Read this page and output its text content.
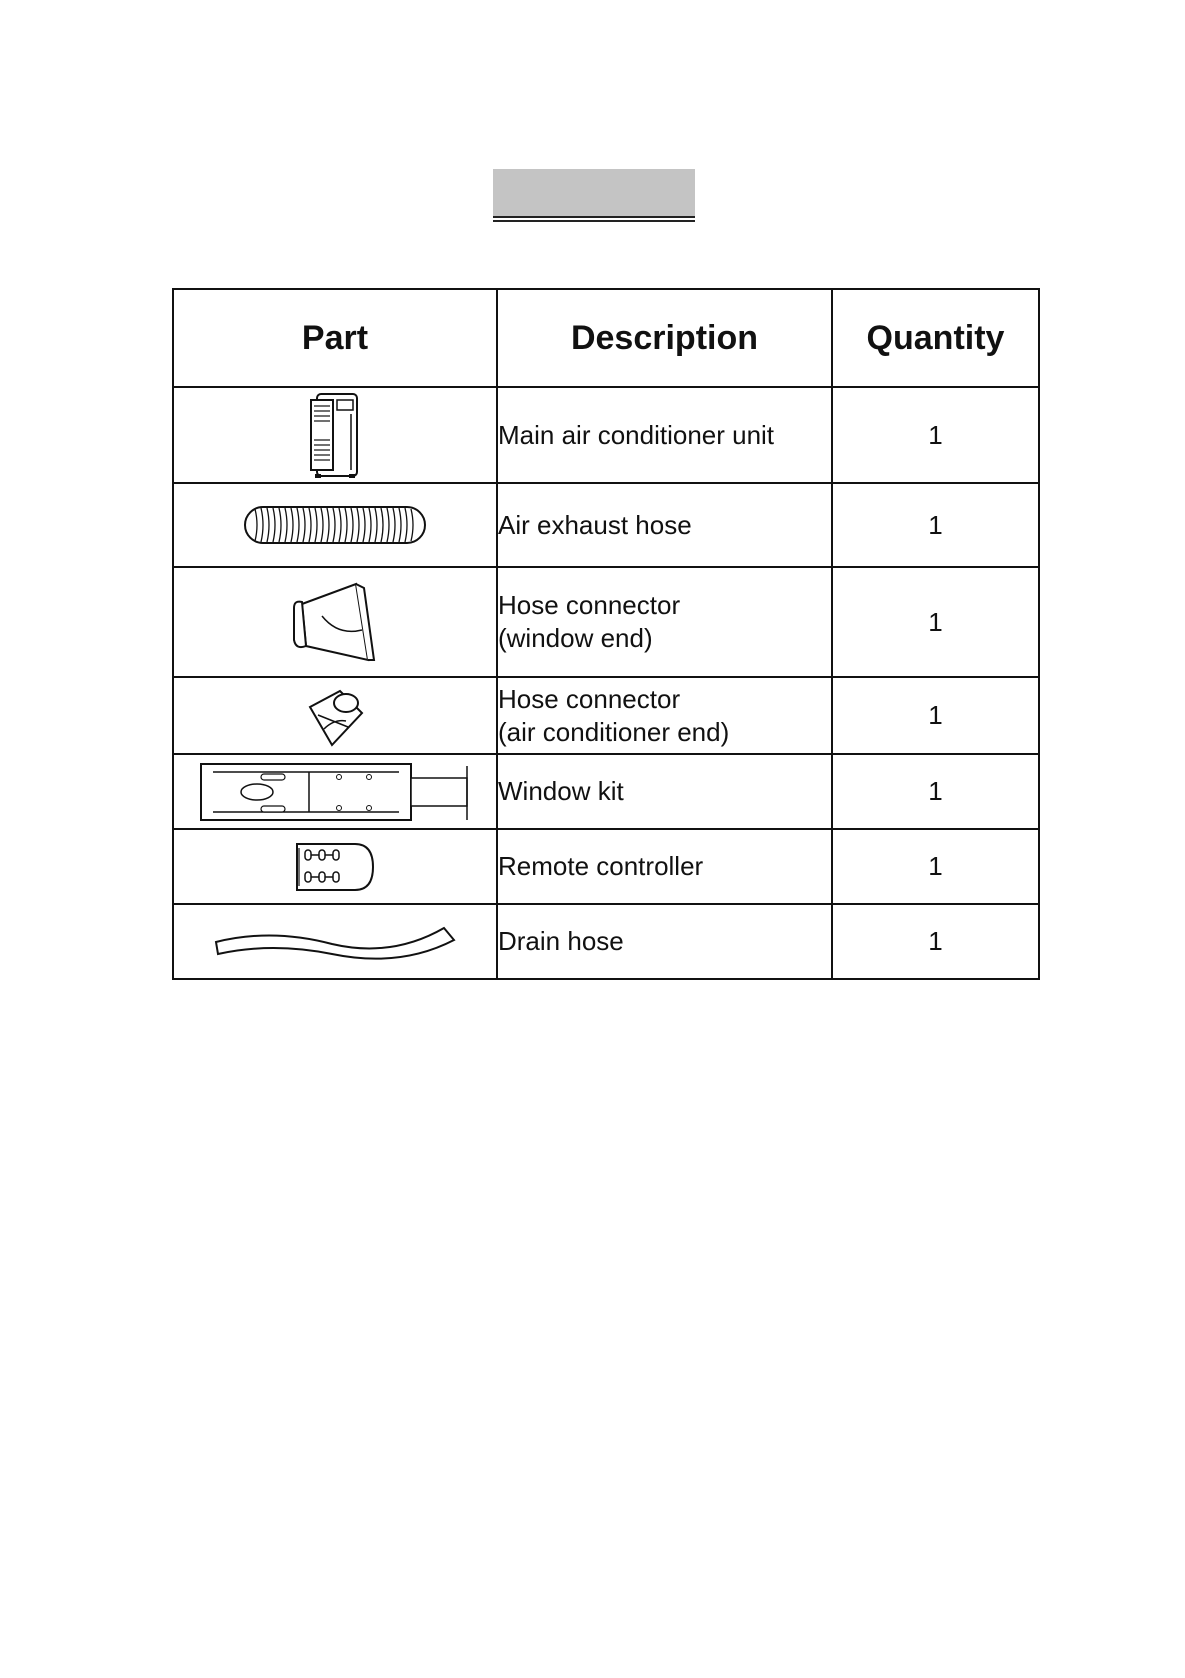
Part	Description	Quantity

Main air conditioner unit	1

Air exhaust hose	1

Hose connector
(window end)	1

Hose connector
(air conditioner end)	1

Window kit	1

Remote controller	1

Drain hose	1
